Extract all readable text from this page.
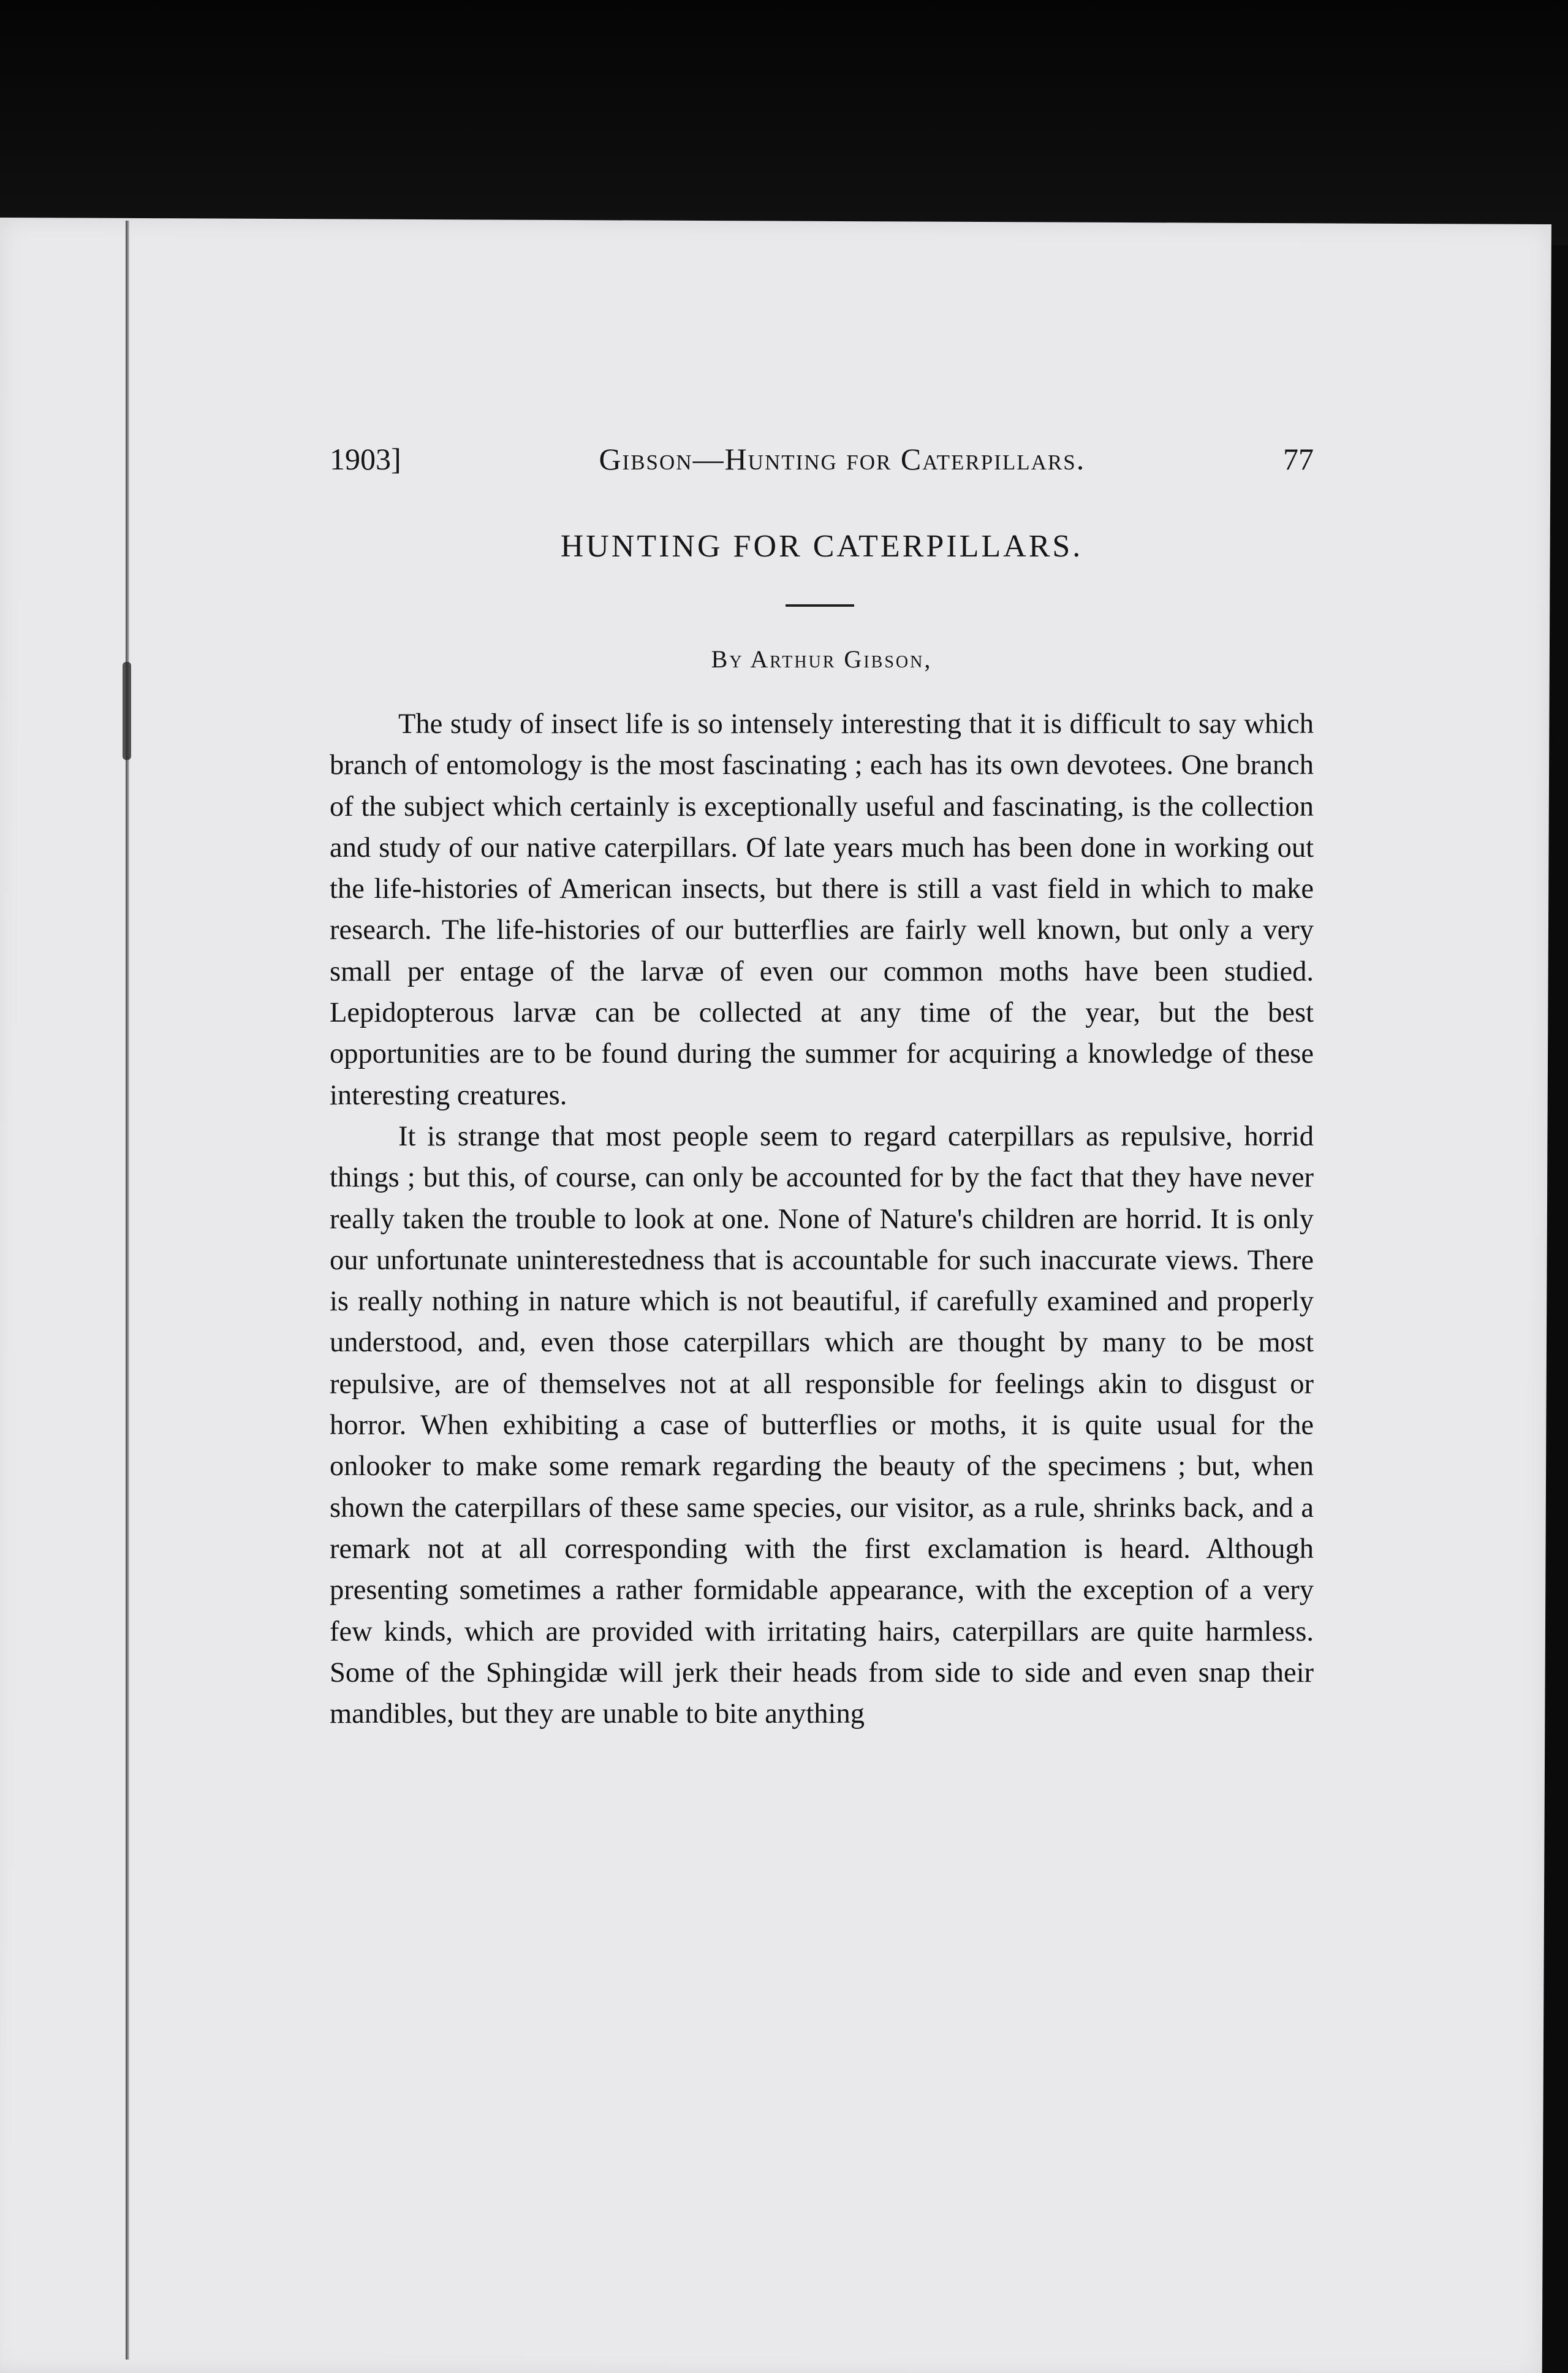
1903]	Gibson—Hunting for Caterpillars.	77
HUNTING FOR CATERPILLARS.
By Arthur Gibson,

The study of insect life is so intensely interesting that it is difficult to say which branch of entomology is the most fascinating ; each has its own devotees. One branch of the subject which certainly is exceptionally useful and fascinating, is the collection and study of our native caterpillars. Of late years much has been done in working out the life-histories of American insects, but there is still a vast field in which to make research. The life-histories of our butterflies are fairly well known, but only a very small per entage of the larvæ of even our common moths have been studied. Lepidopterous larvæ can be collected at any time of the year, but the best opportunities are to be found during the summer for acquiring a knowledge of these interesting creatures.

It is strange that most people seem to regard caterpillars as repulsive, horrid things ; but this, of course, can only be accounted for by the fact that they have never really taken the trouble to look at one. None of Nature's children are horrid. It is only our unfortunate uninterestedness that is accountable for such inaccurate views. There is really nothing in nature which is not beautiful, if carefully examined and properly understood, and, even those caterpillars which are thought by many to be most repulsive, are of themselves not at all responsible for feelings akin to disgust or horror. When exhibiting a case of butterflies or moths, it is quite usual for the onlooker to make some remark regarding the beauty of the specimens ; but, when shown the caterpillars of these same species, our visitor, as a rule, shrinks back, and a remark not at all corresponding with the first exclamation is heard. Although presenting sometimes a rather formidable appearance, with the exception of a very few kinds, which are provided with irritating hairs, caterpillars are quite harmless. Some of the Sphingidæ will jerk their heads from side to side and even snap their mandibles, but they are unable to bite anything
